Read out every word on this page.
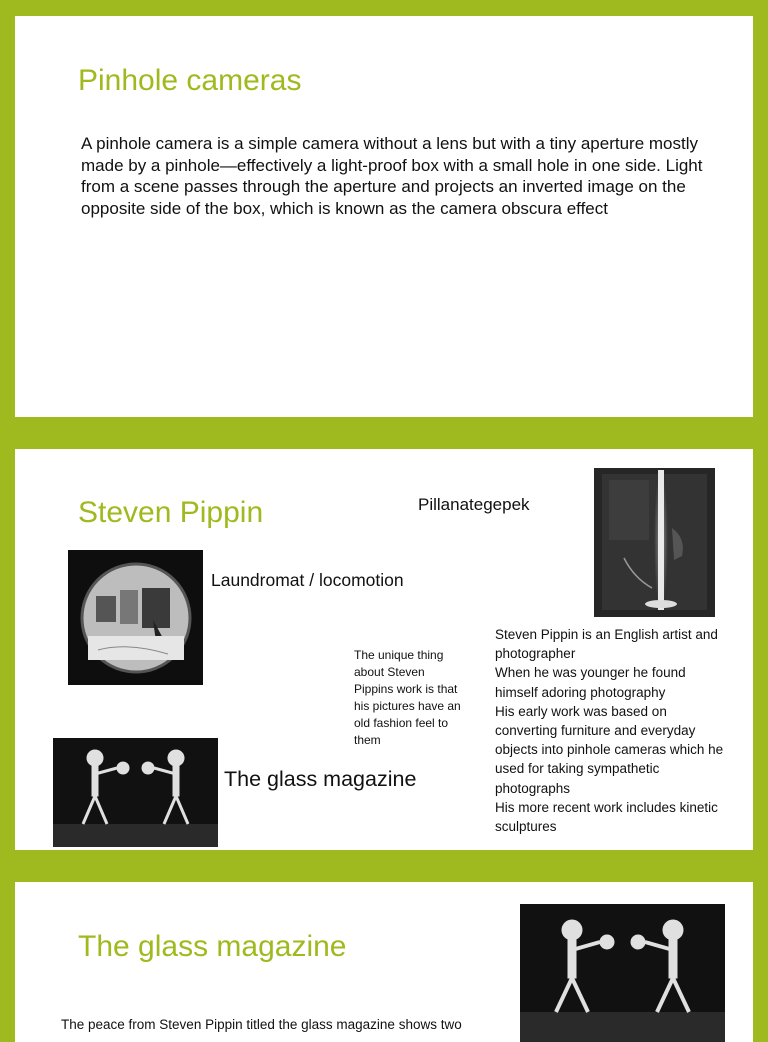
Pinhole cameras

A pinhole camera is a simple camera without a lens but with a tiny aperture mostly made by a pinhole—effectively a light-proof box with a small hole in one side. Light from a scene passes through the aperture and projects an inverted image on the opposite side of the box, which is known as the camera obscura effect

Steven Pippin	Pillanategepek

Laundromat / locomotion

The unique thing about Steven Pippins work is that his pictures have an old fashion feel to them

The glass magazine

Steven Pippin is an English artist and photographer
When he was younger he found himself adoring photography
His early work was based on converting furniture and everyday objects into pinhole cameras which he used for taking sympathetic photographs
His more recent work includes kinetic sculptures
The glass magazine

The peace from Steven Pippin titled the glass magazine shows two
